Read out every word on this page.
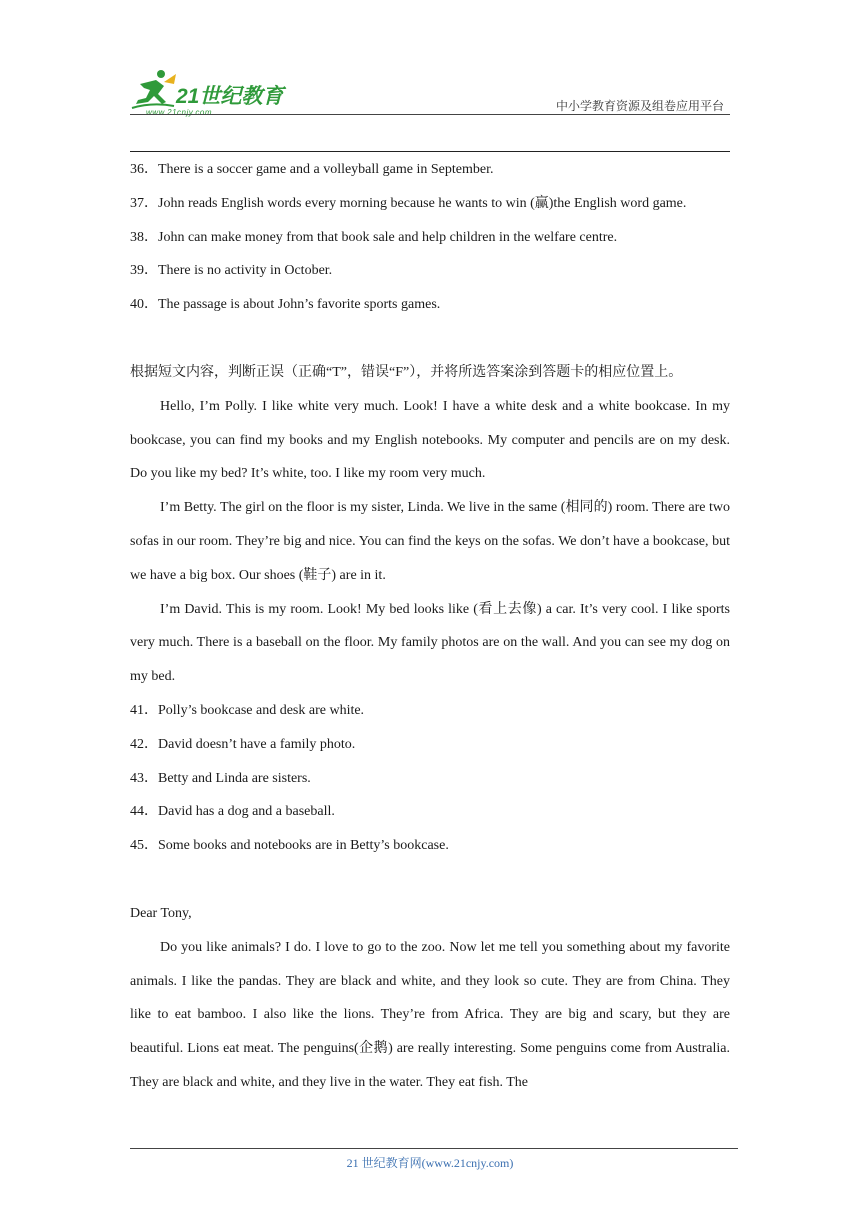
21世纪教育
www.21cnjy.com	中小学教育资源及组卷应用平台

36．There is a soccer game and a volleyball game in September.

37．John reads English words every morning because he wants to win (赢)the English word game.

38．John can make money from that book sale and help children in the welfare centre.

39．There is no activity in October.

40．The passage is about John’s favorite sports games.

根据短文内容，判断正误（正确“T”，错误“F”），并将所选答案涂到答题卡的相应位置上。

Hello, I’m Polly. I like white very much. Look! I have a white desk and a white bookcase. In my bookcase, you can find my books and my English notebooks. My computer and pencils are on my desk. Do you like my bed? It’s white, too. I like my room very much.

I’m Betty. The girl on the floor is my sister, Linda. We live in the same (相同的) room. There are two sofas in our room. They’re big and nice. You can find the keys on the sofas. We don’t have a bookcase, but we have a big box. Our shoes (鞋子) are in it.

I’m David. This is my room. Look! My bed looks like (看上去像) a car. It’s very cool. I like sports very much. There is a baseball on the floor. My family photos are on the wall. And you can see my dog on my bed.

41．Polly’s bookcase and desk are white.

42．David doesn’t have a family photo.

43．Betty and Linda are sisters.

44．David has a dog and a baseball.

45．Some books and notebooks are in Betty’s bookcase.

Dear Tony,

Do you like animals? I do. I love to go to the zoo. Now let me tell you something about my favorite animals. I like the pandas. They are black and white, and they look so cute. They are from China. They like to eat bamboo. I also like the lions. They’re from Africa. They are big and scary, but they are beautiful. Lions eat meat. The penguins(企鹅) are really interesting. Some penguins come from Australia. They are black and white, and they live in the water. They eat fish. The

21 世纪教育网(www.21cnjy.com)
